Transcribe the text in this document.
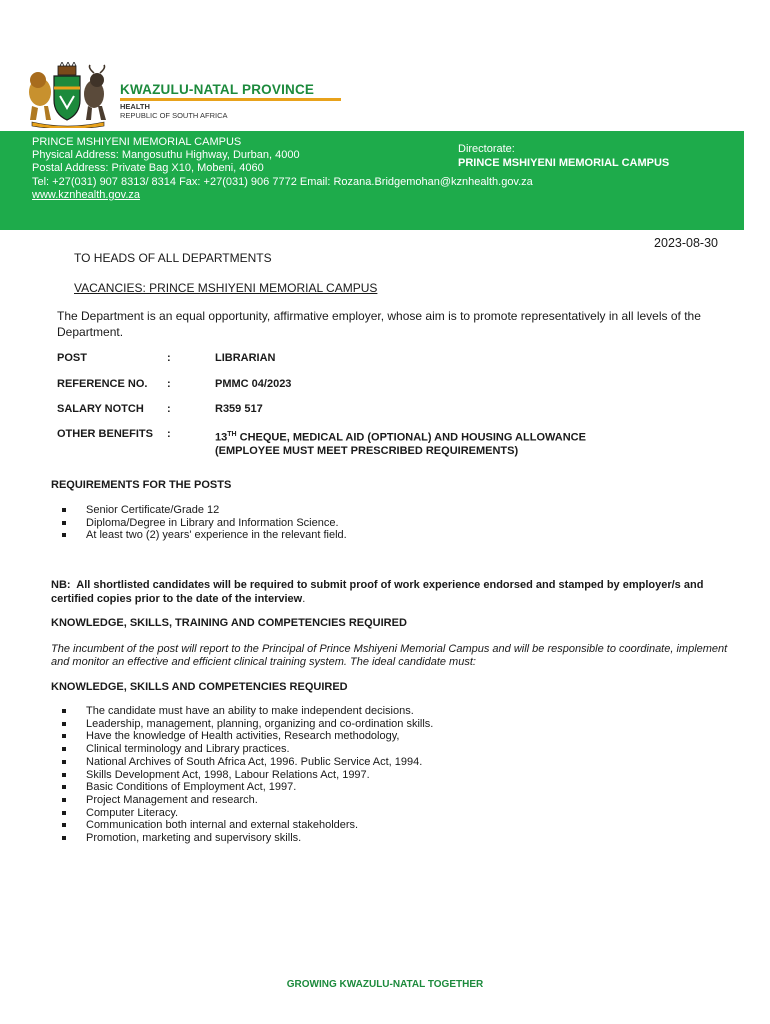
KWAZULU-NATAL PROVINCE
HEALTH
REPUBLIC OF SOUTH AFRICA
PRINCE MSHIYENI MEMORIAL CAMPUS
Physical Address: Mangosuthu Highway, Durban, 4000
Postal Address: Private Bag X10, Mobeni, 4060
Tel: +27(031) 907 8313/ 8314 Fax: +27(031) 906 7772 Email: Rozana.Bridgemohan@kznhealth.gov.za
www.kznhealth.gov.za
Directorate:
PRINCE MSHIYENI MEMORIAL CAMPUS
2023-08-30
TO HEADS OF ALL DEPARTMENTS
VACANCIES: PRINCE MSHIYENI MEMORIAL CAMPUS
The Department is an equal opportunity, affirmative employer, whose aim is to promote representatively in all levels of the Department.
POST	:	LIBRARIAN
REFERENCE NO. :	PMMC 04/2023
SALARY NOTCH :	R359 517
OTHER BENEFITS :	13TH CHEQUE, MEDICAL AID (OPTIONAL) AND HOUSING ALLOWANCE
(EMPLOYEE MUST MEET PRESCRIBED REQUIREMENTS)
REQUIREMENTS FOR THE POSTS
Senior Certificate/Grade 12
Diploma/Degree in Library and Information Science.
At least two (2) years' experience in the relevant field.
NB: All shortlisted candidates will be required to submit proof of work experience endorsed and stamped by employer/s and certified copies prior to the date of the interview.
KNOWLEDGE, SKILLS, TRAINING AND COMPETENCIES REQUIRED
The incumbent of the post will report to the Principal of Prince Mshiyeni Memorial Campus and will be responsible to coordinate, implement and monitor an effective and efficient clinical training system. The ideal candidate must:
KNOWLEDGE, SKILLS AND COMPETENCIES REQUIRED
The candidate must have an ability to make independent decisions.
Leadership, management, planning, organizing and co-ordination skills.
Have the knowledge of Health activities, Research methodology,
Clinical terminology and Library practices.
National Archives of South Africa Act, 1996. Public Service Act, 1994.
Skills Development Act, 1998, Labour Relations Act, 1997.
Basic Conditions of Employment Act, 1997.
Project Management and research.
Computer Literacy.
Communication both internal and external stakeholders.
Promotion, marketing and supervisory skills.
GROWING KWAZULU-NATAL TOGETHER
